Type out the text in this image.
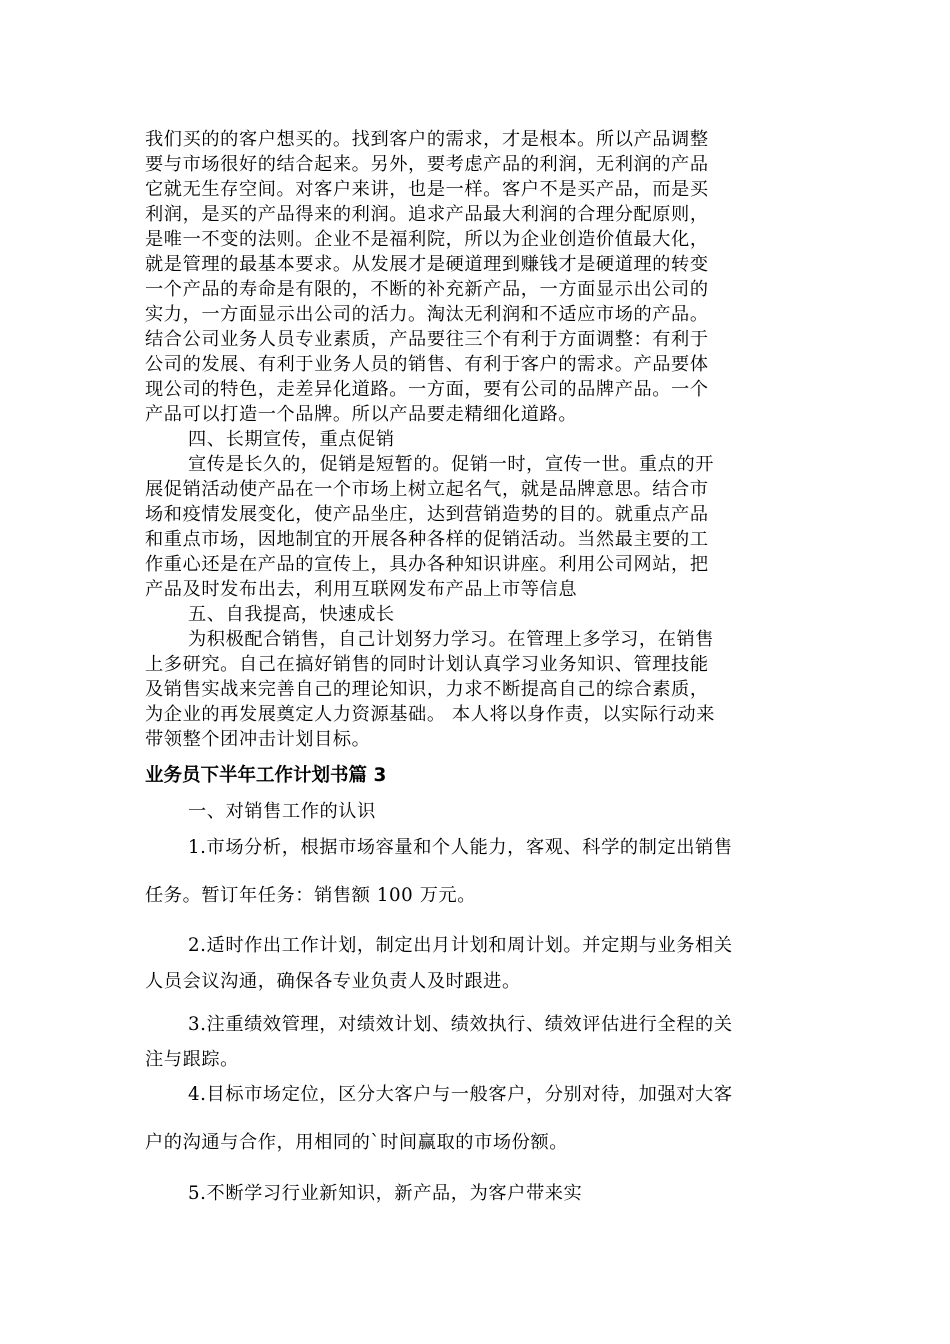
我们买的的客户想买的。找到客户的需求，才是根本。所以产品调整
要与市场很好的结合起来。另外，要考虑产品的利润，无利润的产品
它就无生存空间。对客户来讲，也是一样。客户不是买产品，而是买
利润，是买的产品得来的利润。追求产品最大利润的合理分配原则，
是唯一不变的法则。企业不是福利院，所以为企业创造价值最大化，
就是管理的最基本要求。从发展才是硬道理到赚钱才是硬道理的转变
一个产品的寿命是有限的，不断的补充新产品，一方面显示出公司的
实力，一方面显示出公司的活力。淘汰无利润和不适应市场的产品。
结合公司业务人员专业素质，产品要往三个有利于方面调整：有利于
公司的发展、有利于业务人员的销售、有利于客户的需求。产品要体
现公司的特色，走差异化道路。一方面，要有公司的品牌产品。一个
产品可以打造一个品牌。所以产品要走精细化道路。
四、长期宣传，重点促销
宣传是长久的，促销是短暂的。促销一时，宣传一世。重点的开
展促销活动使产品在一个市场上树立起名气，就是品牌意思。结合市
场和疫情发展变化，使产品坐庄，达到营销造势的目的。就重点产品
和重点市场，因地制宜的开展各种各样的促销活动。当然最主要的工
作重心还是在产品的宣传上，具办各种知识讲座。利用公司网站，把
产品及时发布出去，利用互联网发布产品上市等信息
五、自我提高，快速成长
为积极配合销售，自己计划努力学习。在管理上多学习，在销售
上多研究。自己在搞好销售的同时计划认真学习业务知识、管理技能
及销售实战来完善自己的理论知识，力求不断提高自己的综合素质，
为企业的再发展奠定人力资源基础。 本人将以身作责，以实际行动来
带领整个团冲击计划目标。
业务员下半年工作计划书篇 3
一、对销售工作的认识
1.市场分析，根据市场容量和个人能力，客观、科学的制定出销售
任务。暂订年任务：销售额 100 万元。
2.适时作出工作计划，制定出月计划和周计划。并定期与业务相关
人员会议沟通，确保各专业负责人及时跟进。
3.注重绩效管理，对绩效计划、绩效执行、绩效评估进行全程的关
注与跟踪。
4.目标市场定位，区分大客户与一般客户，分别对待，加强对大客
户的沟通与合作，用相同的`时间赢取的市场份额。
5.不断学习行业新知识，新产品，为客户带来实
